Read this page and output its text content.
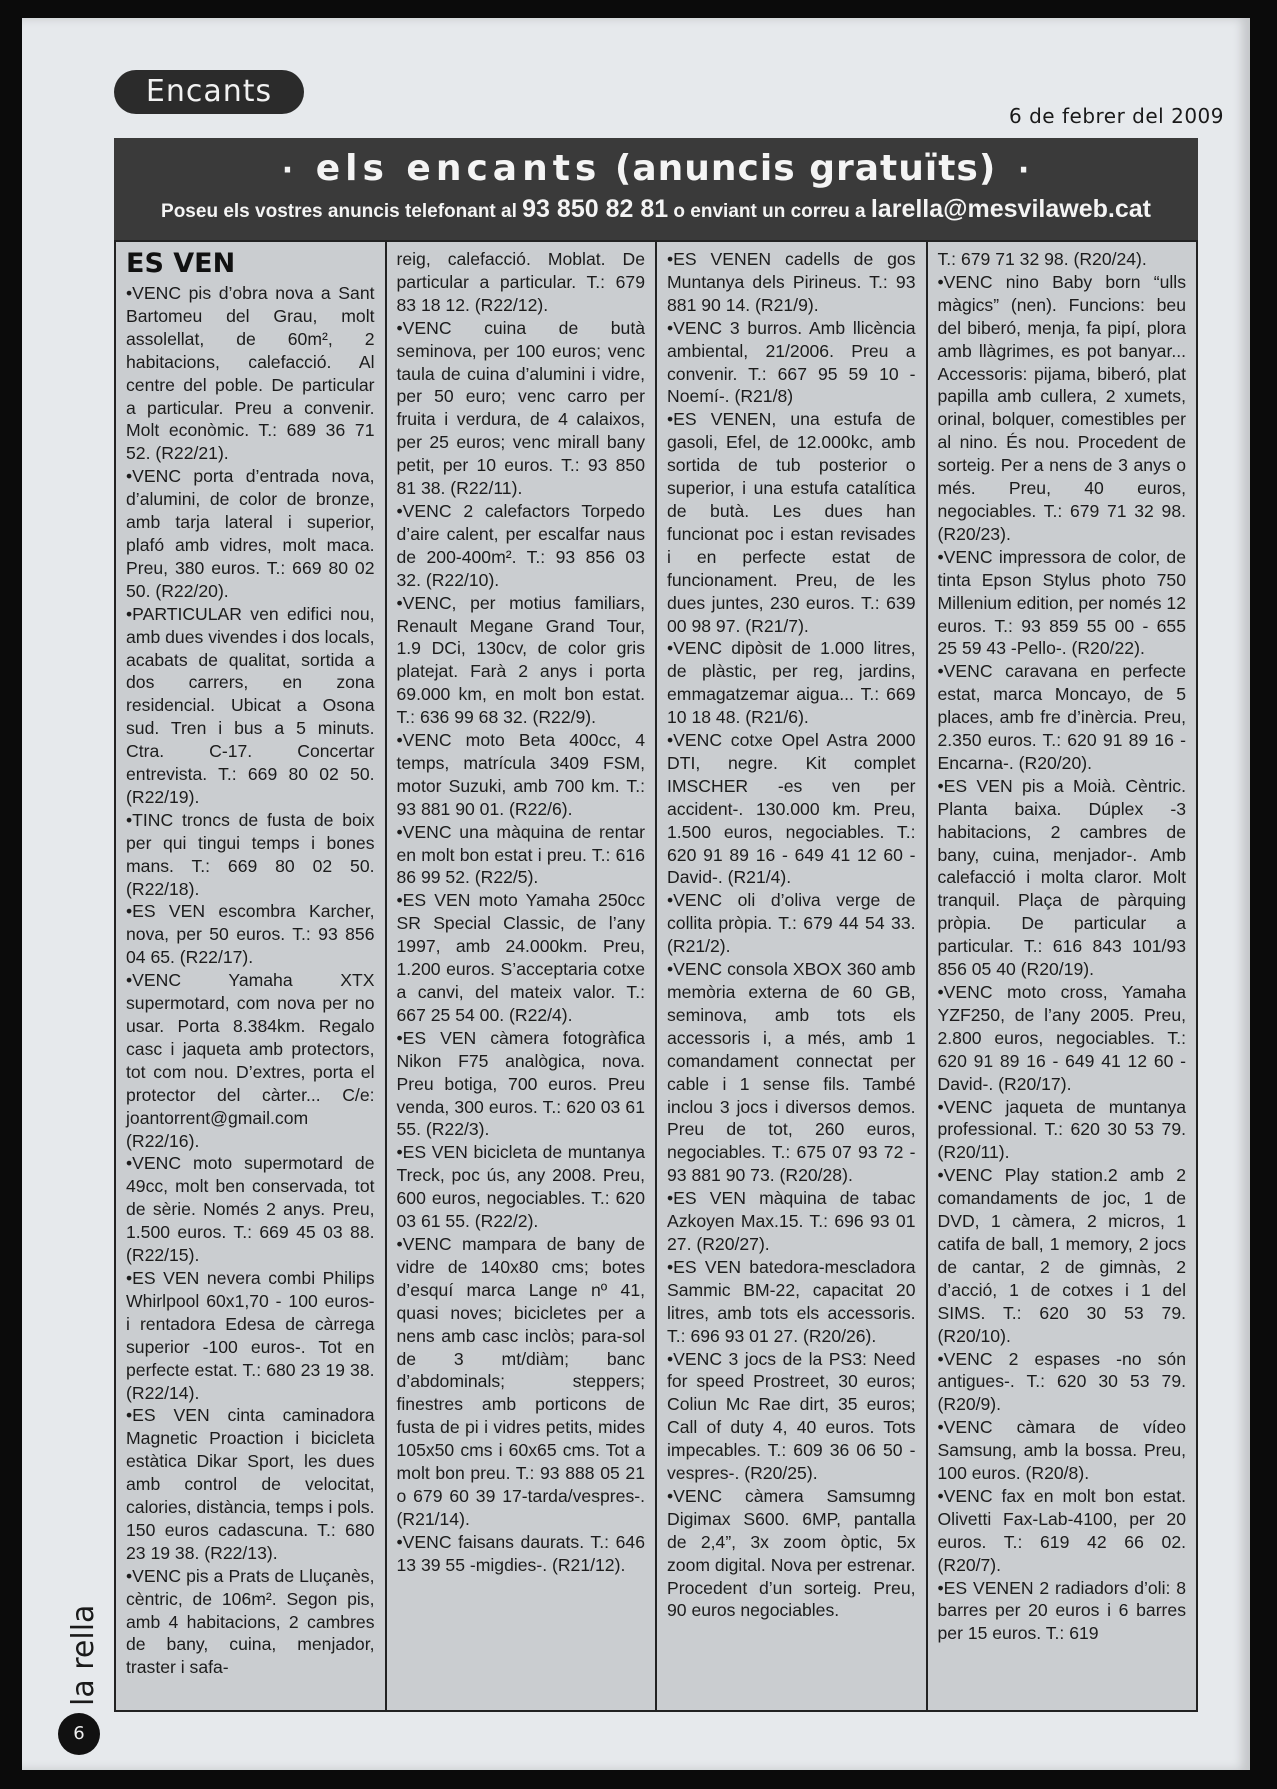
Encants
6 de febrer del 2009
· els encants (anuncis gratuïts) ·
Poseu els vostres anuncis telefonant al 93 850 82 81 o enviant un correu a larella@mesvilaweb.cat
ES VEN

•VENC pis d’obra nova a Sant Bartomeu del Grau, molt assolellat, de 60m², 2 habitacions, calefacció. Al centre del poble. De particular a particular. Preu a convenir. Molt econòmic. T.: 689 36 71 52. (R22/21).

•VENC porta d’entrada nova, d’alumini, de color de bronze, amb tarja lateral i superior, plafó amb vidres, molt maca. Preu, 380 euros. T.: 669 80 02 50. (R22/20).

•PARTICULAR ven edifici nou, amb dues vivendes i dos locals, acabats de qualitat, sortida a dos carrers, en zona residencial. Ubicat a Osona sud. Tren i bus a 5 minuts. Ctra. C-17. Concertar entrevista. T.: 669 80 02 50. (R22/19).

•TINC troncs de fusta de boix per qui tingui temps i bones mans. T.: 669 80 02 50. (R22/18).

•ES VEN escombra Karcher, nova, per 50 euros. T.: 93 856 04 65. (R22/17).

•VENC Yamaha XTX supermotard, com nova per no usar. Porta 8.384km. Regalo casc i jaqueta amb protectors, tot com nou. D’extres, porta el protector del càrter... C/e: joantorrent@gmail.com (R22/16).

•VENC moto supermotard de 49cc, molt ben conservada, tot de sèrie. Només 2 anys. Preu, 1.500 euros. T.: 669 45 03 88. (R22/15).

•ES VEN nevera combi Philips Whirlpool 60x1,70 - 100 euros- i rentadora Edesa de càrrega superior -100 euros-. Tot en perfecte estat. T.: 680 23 19 38. (R22/14).

•ES VEN cinta caminadora Magnetic Proaction i bicicleta estàtica Dikar Sport, les dues amb control de velocitat, calories, distància, temps i pols. 150 euros cadascuna. T.: 680 23 19 38. (R22/13).

•VENC pis a Prats de Lluçanès, cèntric, de 106m². Segon pis, amb 4 habitacions, 2 cambres de bany, cuina, menjador, traster i safa-

reig, calefacció. Moblat. De particular a particular. T.: 679 83 18 12. (R22/12).

•VENC cuina de butà seminova, per 100 euros; venc taula de cuina d’alumini i vidre, per 50 euro; venc carro per fruita i verdura, de 4 calaixos, per 25 euros; venc mirall bany petit, per 10 euros. T.: 93 850 81 38. (R22/11).

•VENC 2 calefactors Torpedo d’aire calent, per escalfar naus de 200-400m². T.: 93 856 03 32. (R22/10).

•VENC, per motius familiars, Renault Megane Grand Tour, 1.9 DCi, 130cv, de color gris platejat. Farà 2 anys i porta 69.000 km, en molt bon estat. T.: 636 99 68 32. (R22/9).

•VENC moto Beta 400cc, 4 temps, matrícula 3409 FSM, motor Suzuki, amb 700 km. T.: 93 881 90 01. (R22/6).

•VENC una màquina de rentar en molt bon estat i preu. T.: 616 86 99 52. (R22/5).

•ES VEN moto Yamaha 250cc SR Special Classic, de l’any 1997, amb 24.000km. Preu, 1.200 euros. S’acceptaria cotxe a canvi, del mateix valor. T.: 667 25 54 00. (R22/4).

•ES VEN càmera fotogràfica Nikon F75 analògica, nova. Preu botiga, 700 euros. Preu venda, 300 euros. T.: 620 03 61 55. (R22/3).

•ES VEN bicicleta de muntanya Treck, poc ús, any 2008. Preu, 600 euros, negociables. T.: 620 03 61 55. (R22/2).

•VENC mampara de bany de vidre de 140x80 cms; botes d’esquí marca Lange nº 41, quasi noves; bicicletes per a nens amb casc inclòs; para-sol de 3 mt/diàm; banc d’abdominals; steppers; finestres amb porticons de fusta de pi i vidres petits, mides 105x50 cms i 60x65 cms. Tot a molt bon preu. T.: 93 888 05 21 o 679 60 39 17-tarda/vespres-. (R21/14).

•VENC faisans daurats. T.: 646 13 39 55 -migdies-. (R21/12).

•ES VENEN cadells de gos Muntanya dels Pirineus. T.: 93 881 90 14. (R21/9).

•VENC 3 burros. Amb llicència ambiental, 21/2006. Preu a convenir. T.: 667 95 59 10 -Noemí-. (R21/8)

•ES VENEN, una estufa de gasoli, Efel, de 12.000kc, amb sortida de tub posterior o superior, i una estufa catalítica de butà. Les dues han funcionat poc i estan revisades i en perfecte estat de funcionament. Preu, de les dues juntes, 230 euros. T.: 639 00 98 97. (R21/7).

•VENC dipòsit de 1.000 litres, de plàstic, per reg, jardins, emmagatzemar aigua... T.: 669 10 18 48. (R21/6).

•VENC cotxe Opel Astra 2000 DTI, negre. Kit complet IMSCHER -es ven per accident-. 130.000 km. Preu, 1.500 euros, negociables. T.: 620 91 89 16 - 649 41 12 60 -David-. (R21/4).

•VENC oli d’oliva verge de collita pròpia. T.: 679 44 54 33. (R21/2).

•VENC consola XBOX 360 amb memòria externa de 60 GB, seminova, amb tots els accessoris i, a més, amb 1 comandament connectat per cable i 1 sense fils. També inclou 3 jocs i diversos demos. Preu de tot, 260 euros, negociables. T.: 675 07 93 72 - 93 881 90 73. (R20/28).

•ES VEN màquina de tabac Azkoyen Max.15. T.: 696 93 01 27. (R20/27).

•ES VEN batedora-mescladora Sammic BM-22, capacitat 20 litres, amb tots els accessoris. T.: 696 93 01 27. (R20/26).

•VENC 3 jocs de la PS3: Need for speed Prostreet, 30 euros; Coliun Mc Rae dirt, 35 euros; Call of duty 4, 40 euros. Tots impecables. T.: 609 36 06 50 -vespres-. (R20/25).

•VENC càmera Samsumng Digimax S600. 6MP, pantalla de 2,4”, 3x zoom òptic, 5x zoom digital. Nova per estrenar. Procedent d’un sorteig. Preu, 90 euros negociables.

T.: 679 71 32 98. (R20/24).

•VENC nino Baby born “ulls màgics” (nen). Funcions: beu del biberó, menja, fa pipí, plora amb llàgrimes, es pot banyar... Accessoris: pijama, biberó, plat papilla amb cullera, 2 xumets, orinal, bolquer, comestibles per al nino. És nou. Procedent de sorteig. Per a nens de 3 anys o més. Preu, 40 euros, negociables. T.: 679 71 32 98. (R20/23).

•VENC impressora de color, de tinta Epson Stylus photo 750 Millenium edition, per només 12 euros. T.: 93 859 55 00 - 655 25 59 43 -Pello-. (R20/22).

•VENC caravana en perfecte estat, marca Moncayo, de 5 places, amb fre d’inèrcia. Preu, 2.350 euros. T.: 620 91 89 16 -Encarna-. (R20/20).

•ES VEN pis a Moià. Cèntric. Planta baixa. Dúplex -3 habitacions, 2 cambres de bany, cuina, menjador-. Amb calefacció i molta claror. Molt tranquil. Plaça de pàrquing pròpia. De particular a particular. T.: 616 843 101/93 856 05 40 (R20/19).

•VENC moto cross, Yamaha YZF250, de l’any 2005. Preu, 2.800 euros, negociables. T.: 620 91 89 16 - 649 41 12 60 -David-. (R20/17).

•VENC jaqueta de muntanya professional. T.: 620 30 53 79. (R20/11).

•VENC Play station.2 amb 2 comandaments de joc, 1 de DVD, 1 càmera, 2 micros, 1 catifa de ball, 1 memory, 2 jocs de cantar, 2 de gimnàs, 2 d’acció, 1 de cotxes i 1 del SIMS. T.: 620 30 53 79. (R20/10).

•VENC 2 espases -no són antigues-. T.: 620 30 53 79. (R20/9).

•VENC càmara de vídeo Samsung, amb la bossa. Preu, 100 euros. (R20/8).

•VENC fax en molt bon estat. Olivetti Fax-Lab-4100, per 20 euros. T.: 619 42 66 02. (R20/7).

•ES VENEN 2 radiadors d’oli: 8 barres per 20 euros i 6 barres per 15 euros. T.: 619

la rella
6
